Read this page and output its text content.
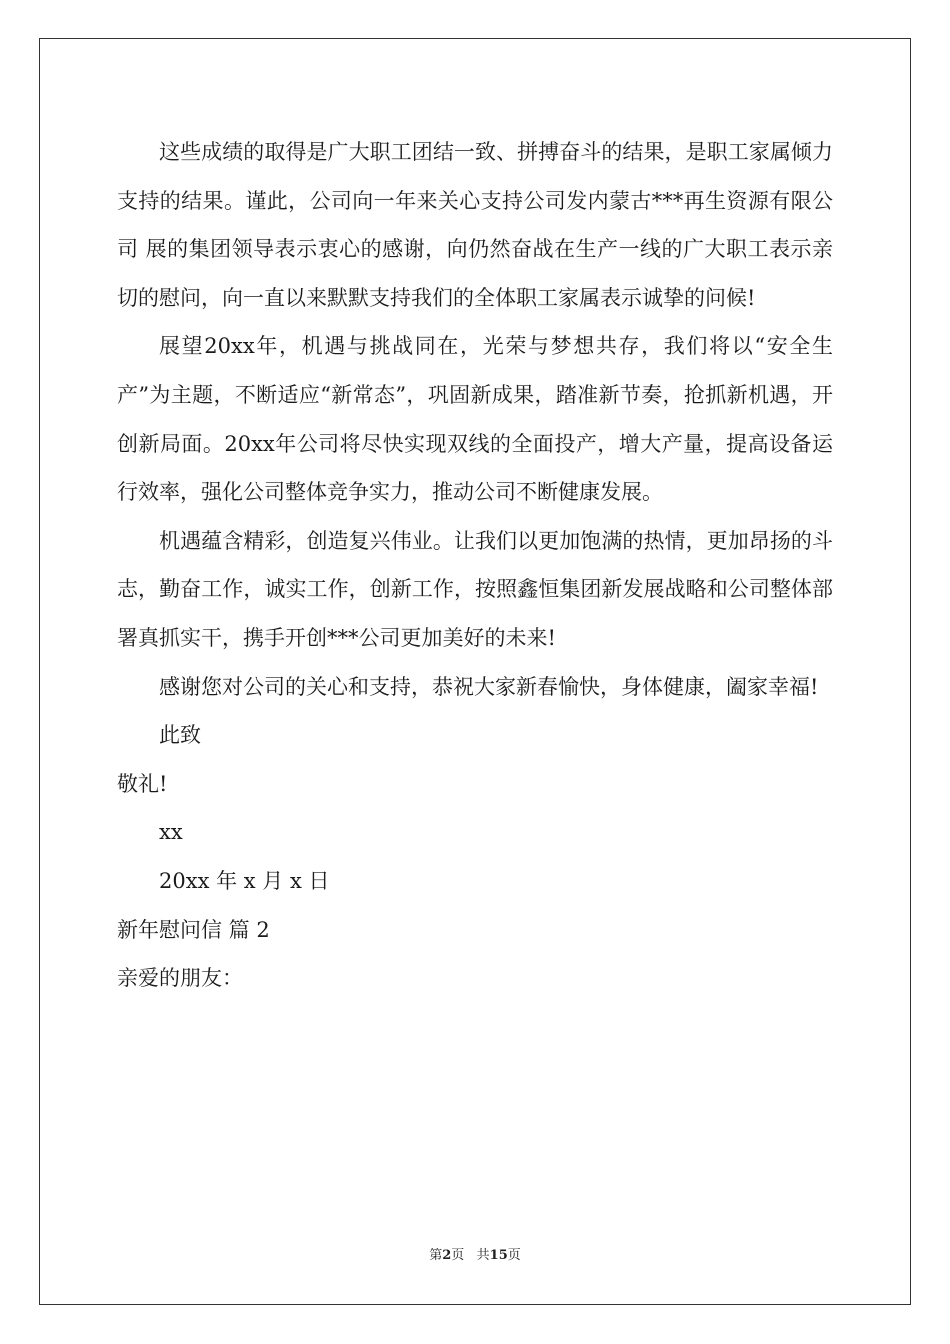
这些成绩的取得是广大职工团结一致、拼搏奋斗的结果，是职工家属倾力支持的结果。谨此，公司向一年来关心支持公司发内蒙古***再生资源有限公司 展的集团领导表示衷心的感谢，向仍然奋战在生产一线的广大职工表示亲切的慰问，向一直以来默默支持我们的全体职工家属表示诚挚的问候!

展望20xx年，机遇与挑战同在，光荣与梦想共存，我们将以“安全生产”为主题，不断适应“新常态”，巩固新成果，踏准新节奏，抢抓新机遇，开创新局面。20xx年公司将尽快实现双线的全面投产，增大产量，提高设备运行效率，强化公司整体竞争实力，推动公司不断健康发展。

机遇蕴含精彩，创造复兴伟业。让我们以更加饱满的热情，更加昂扬的斗志，勤奋工作，诚实工作，创新工作，按照鑫恒集团新发展战略和公司整体部署真抓实干，携手开创***公司更加美好的未来!

感谢您对公司的关心和支持，恭祝大家新春愉快，身体健康，阖家幸福!

此致

敬礼!

xx

20xx 年 x 月 x 日

新年慰问信 篇 2

亲爱的朋友：

第2页   共15页
